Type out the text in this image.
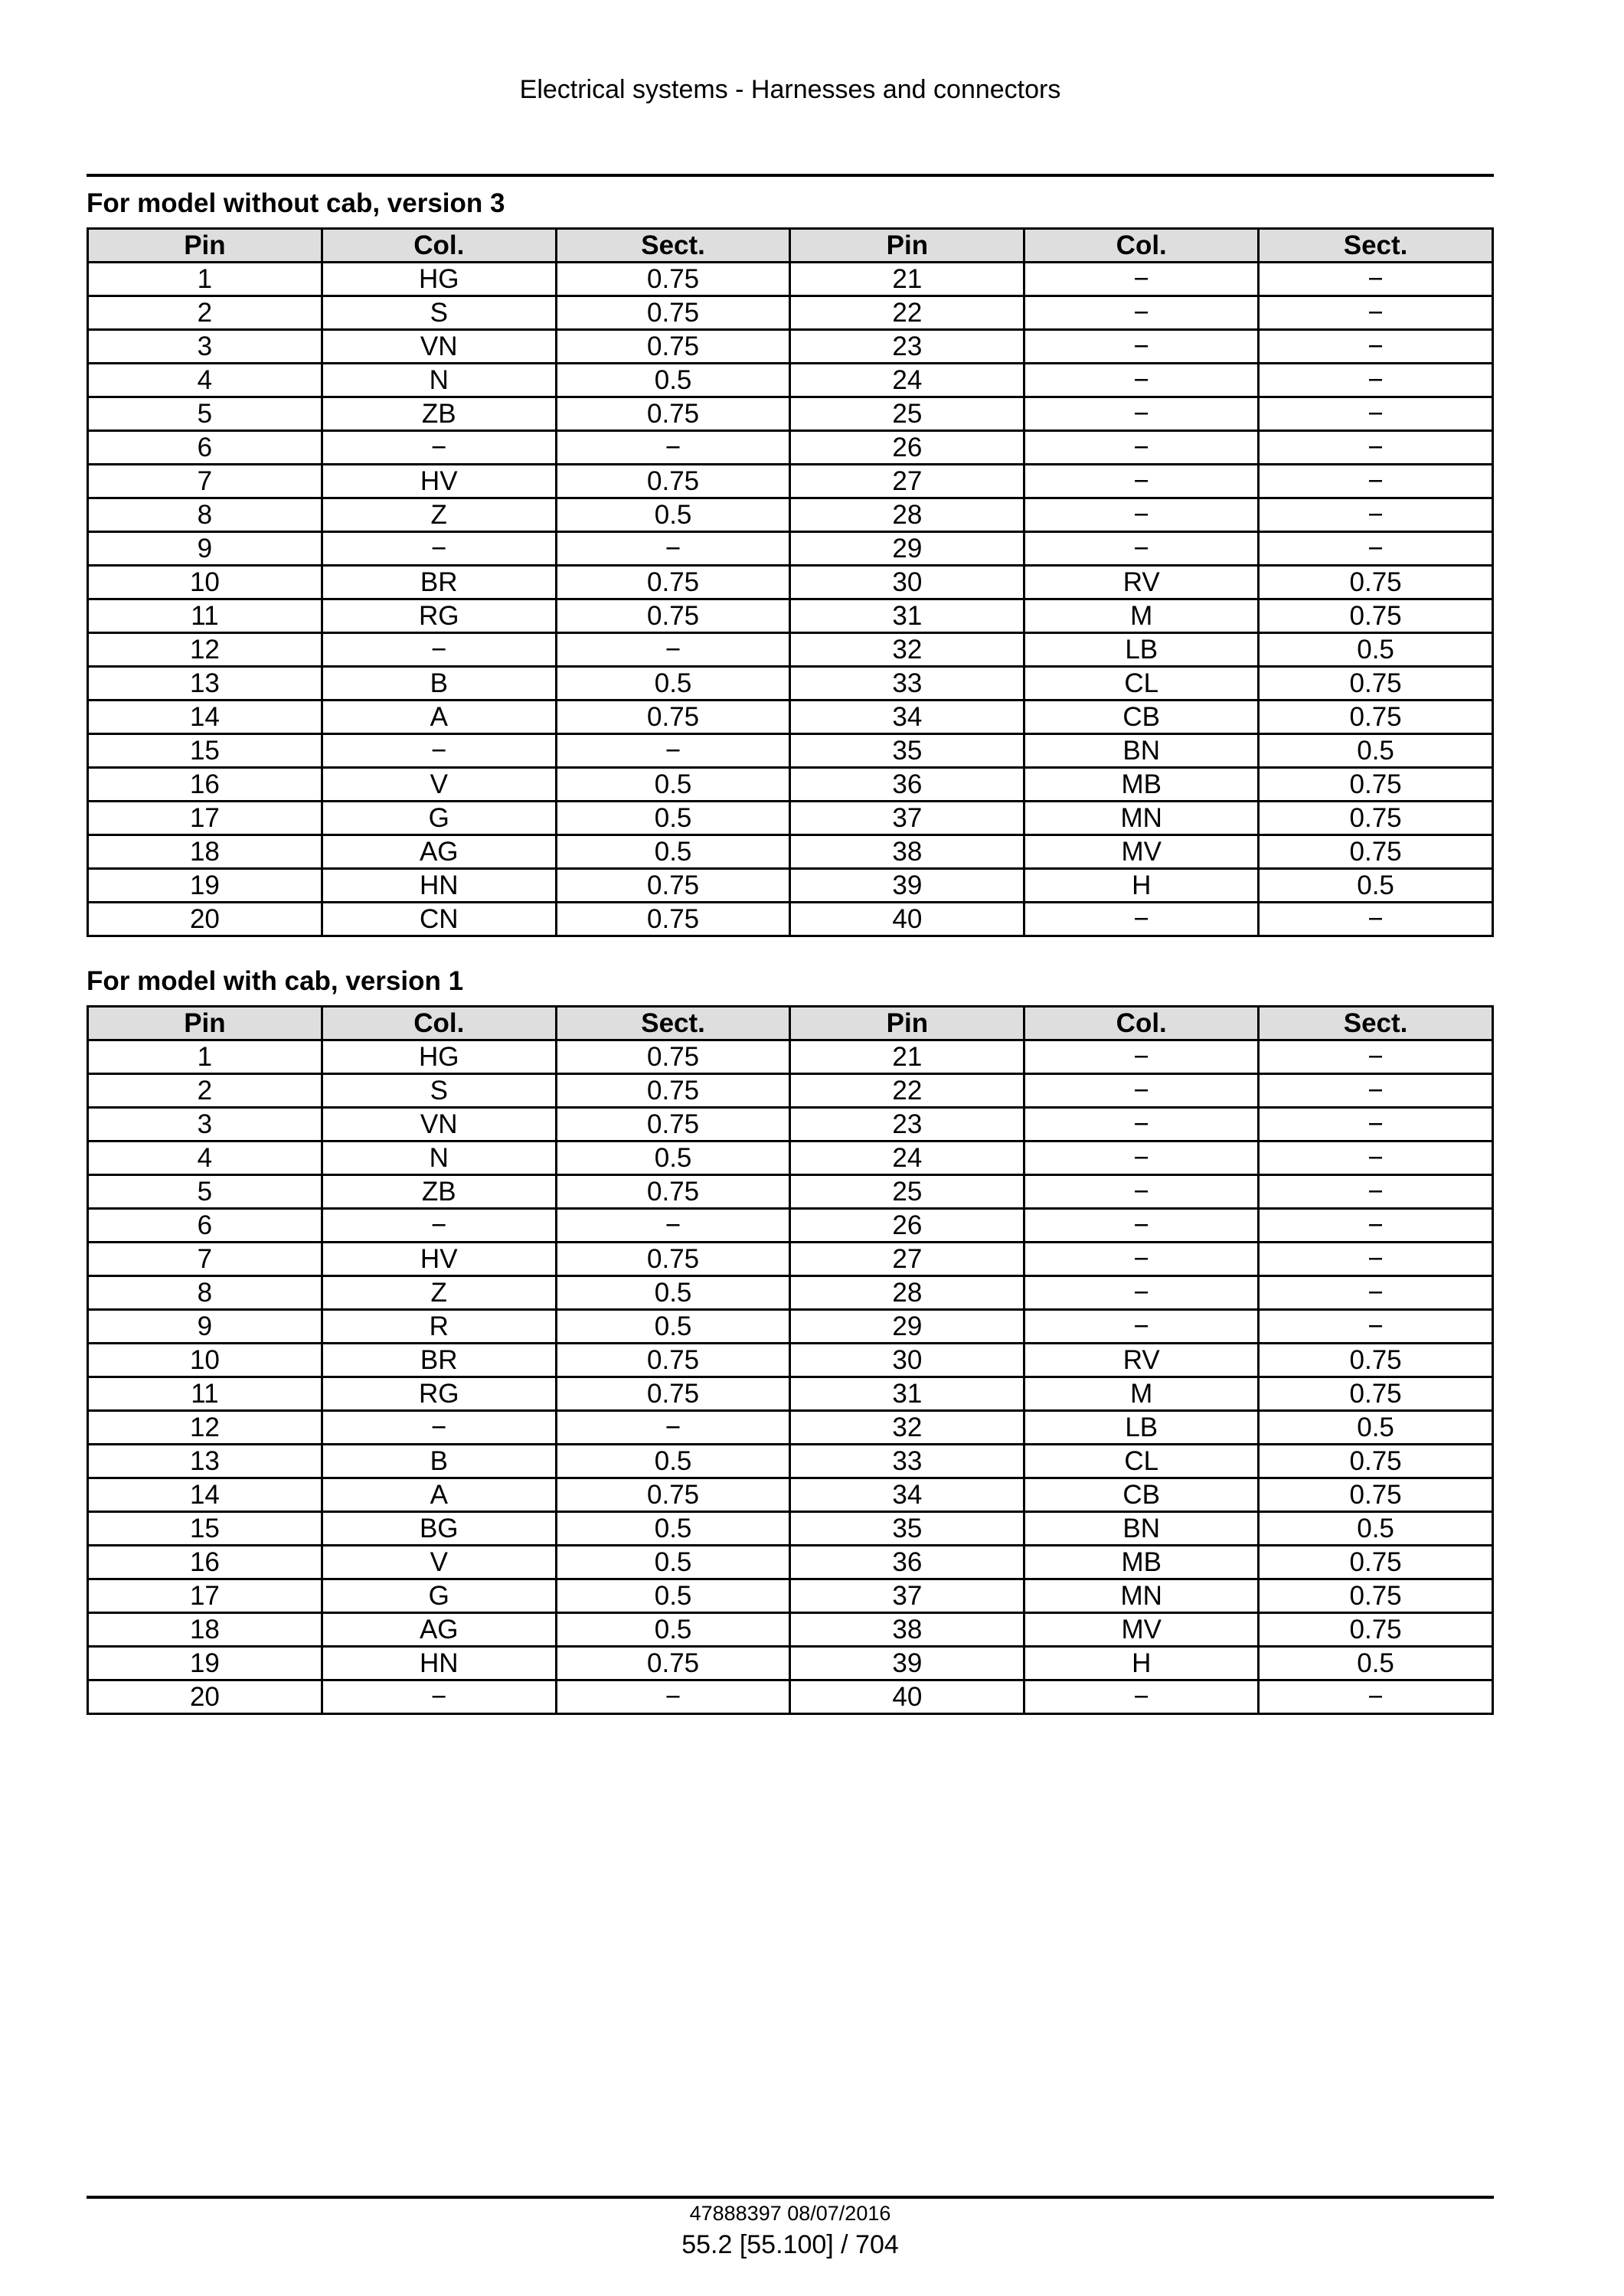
Electrical systems - Harnesses and connectors
For model without cab, version 3
Pin	Col.	Sect.	Pin	Col.	Sect.
1	HG	0.75	21	−	−
2	S	0.75	22	−	−
3	VN	0.75	23	−	−
4	N	0.5	24	−	−
5	ZB	0.75	25	−	−
6	−	−	26	−	−
7	HV	0.75	27	−	−
8	Z	0.5	28	−	−
9	−	−	29	−	−
10	BR	0.75	30	RV	0.75
11	RG	0.75	31	M	0.75
12	−	−	32	LB	0.5
13	B	0.5	33	CL	0.75
14	A	0.75	34	CB	0.75
15	−	−	35	BN	0.5
16	V	0.5	36	MB	0.75
17	G	0.5	37	MN	0.75
18	AG	0.5	38	MV	0.75
19	HN	0.75	39	H	0.5
20	CN	0.75	40	−	−
For model with cab, version 1
Pin	Col.	Sect.	Pin	Col.	Sect.
1	HG	0.75	21	−	−
2	S	0.75	22	−	−
3	VN	0.75	23	−	−
4	N	0.5	24	−	−
5	ZB	0.75	25	−	−
6	−	−	26	−	−
7	HV	0.75	27	−	−
8	Z	0.5	28	−	−
9	R	0.5	29	−	−
10	BR	0.75	30	RV	0.75
11	RG	0.75	31	M	0.75
12	−	−	32	LB	0.5
13	B	0.5	33	CL	0.75
14	A	0.75	34	CB	0.75
15	BG	0.5	35	BN	0.5
16	V	0.5	36	MB	0.75
17	G	0.5	37	MN	0.75
18	AG	0.5	38	MV	0.75
19	HN	0.75	39	H	0.5
20	−	−	40	−	−
47888397 08/07/2016
55.2 [55.100] / 704
